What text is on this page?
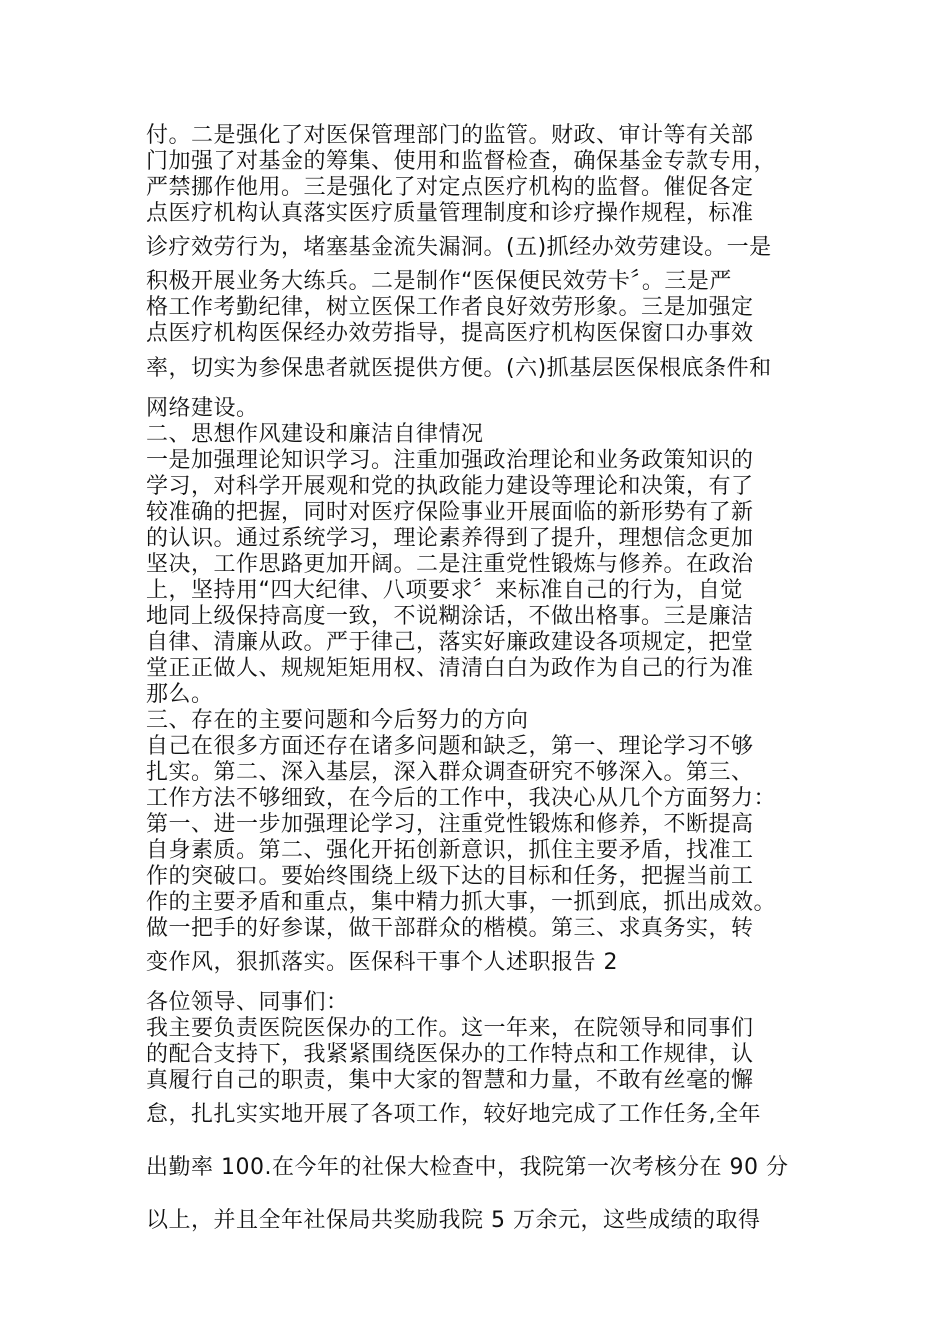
付。二是强化了对医保管理部门的监管。财政、审计等有关部
门加强了对基金的筹集、使用和监督检查，确保基金专款专用，
严禁挪作他用。三是强化了对定点医疗机构的监督。催促各定
点医疗机构认真落实医疗质量管理制度和诊疗操作规程，标准
诊疗效劳行为，堵塞基金流失漏洞。(五)抓经办效劳建设。一是
积极开展业务大练兵。二是制作“医保便民效劳卡〞。三是严
格工作考勤纪律，树立医保工作者良好效劳形象。三是加强定
点医疗机构医保经办效劳指导，提高医疗机构医保窗口办事效
率，切实为参保患者就医提供方便。(六)抓基层医保根底条件和
网络建设。
二、思想作风建设和廉洁自律情况
一是加强理论知识学习。注重加强政治理论和业务政策知识的
学习，对科学开展观和党的执政能力建设等理论和决策，有了
较准确的把握，同时对医疗保险事业开展面临的新形势有了新
的认识。通过系统学习，理论素养得到了提升，理想信念更加
坚决，工作思路更加开阔。二是注重党性锻炼与修养。在政治
上，坚持用“四大纪律、八项要求〞来标准自己的行为，自觉
地同上级保持高度一致，不说糊涂话，不做出格事。三是廉洁
自律、清廉从政。严于律己，落实好廉政建设各项规定，把堂
堂正正做人、规规矩矩用权、清清白白为政作为自己的行为准
那么。
三、存在的主要问题和今后努力的方向
自己在很多方面还存在诸多问题和缺乏，第一、理论学习不够
扎实。第二、深入基层，深入群众调查研究不够深入。第三、
工作方法不够细致，在今后的工作中，我决心从几个方面努力：
第一、进一步加强理论学习，注重党性锻炼和修养，不断提高
自身素质。第二、强化开拓创新意识，抓住主要矛盾，找准工
作的突破口。要始终围绕上级下达的目标和任务，把握当前工
作的主要矛盾和重点，集中精力抓大事，一抓到底，抓出成效。
做一把手的好参谋，做干部群众的楷模。第三、求真务实，转
变作风，狠抓落实。医保科干事个人述职报告 2
各位领导、同事们：
我主要负责医院医保办的工作。这一年来，在院领导和同事们
的配合支持下，我紧紧围绕医保办的工作特点和工作规律，认
真履行自己的职责，集中大家的智慧和力量，不敢有丝毫的懈
怠，扎扎实实地开展了各项工作，较好地完成了工作任务,全年
出勤率 100.在今年的社保大检查中，我院第一次考核分在 90 分
以上，并且全年社保局共奖励我院 5 万余元，这些成绩的取得
